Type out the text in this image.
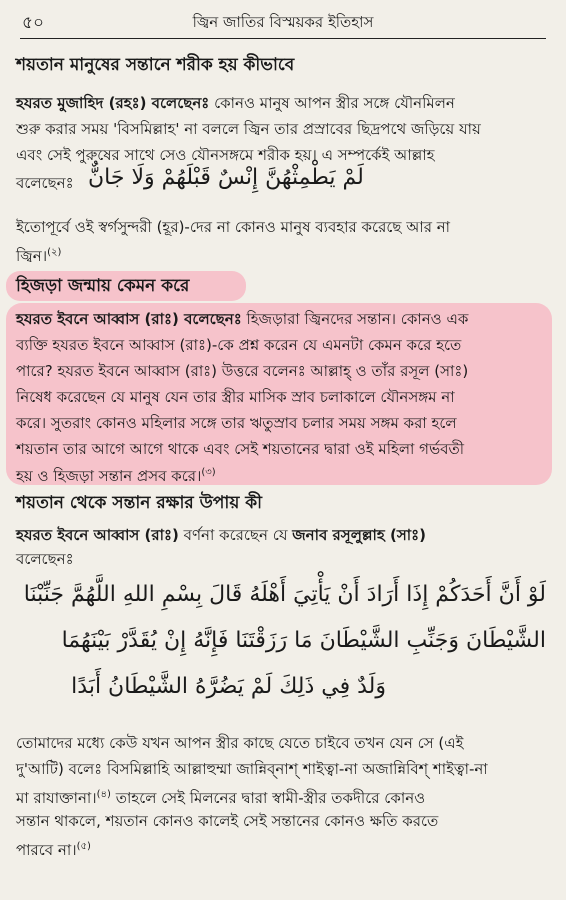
৫০	জ্বিন জাতির বিস্ময়কর ইতিহাস
শয়তান মানুষের সন্তানে শরীক হয় কীভাবে
হযরত মুজাহিদ (রহঃ) বলেছেনঃ কোনও মানুষ আপন স্ত্রীর সঙ্গে যৌনমিলন
শুরু করার সময় 'বিসমিল্লাহ' না বললে জ্বিন তার প্রস্রাবের ছিদ্রপথে জড়িয়ে যায়
এবং সেই পুরুষের সাথে সেও যৌনসঙ্গমে শরীক হয়। এ সম্পর্কেই আল্লাহ
বলেছেনঃ لَمْ يَطْمِثْهُنَّ إِنْسٌ قَبْلَهُمْ وَلَا جَانٌّ
ইতোপূর্বে ওই স্বর্গসুন্দরী (হূর)-দের না কোনও মানুষ ব্যবহার করেছে আর না
জ্বিন।$^{(২)}$
হিজড়া জন্মায় কেমন করে
হযরত ইবনে আব্বাস (রাঃ) বলেছেনঃ হিজড়ারা জ্বিনদের সন্তান। কোনও এক
ব্যক্তি হযরত ইবনে আব্বাস (রাঃ)-কে প্রশ্ন করেন যে এমনটা কেমন করে হতে
পারে? হযরত ইবনে আব্বাস (রাঃ) উত্তরে বলেনঃ আল্লাহ্ ও তাঁর রসূল (সাঃ)
নিষেধ করেছেন যে মানুষ যেন তার স্ত্রীর মাসিক স্রাব চলাকালে যৌনসঙ্গম না
করে। সুতরাং কোনও মহিলার সঙ্গে তার ঋতুস্রাব চলার সময় সঙ্গম করা হলে
শয়তান তার আগে আগে থাকে এবং সেই শয়তানের দ্বারা ওই মহিলা গর্ভবতী
হয় ও হিজড়া সন্তান প্রসব করে।$^{(৩)}$
শয়তান থেকে সন্তান রক্ষার উপায় কী
হযরত ইবনে আব্বাস (রাঃ) বর্ণনা করেছেন যে জনাব রসূলুল্লাহ (সাঃ)
বলেছেনঃ
لَوْ أَنَّ أَحَدَكُمْ إِذَا أَرَادَ أَنْ يَأْتِيَ أَهْلَهُ قَالَ بِسْمِ اللهِ اللَّهُمَّ جَنِّبْنَا
الشَّيْطَانَ وَجَنِّبِ الشَّيْطَانَ مَا رَزَقْتَنَا فَإِنَّهُ إِنْ يُقَدَّرْ بَيْنَهُمَا
وَلَدٌ فِي ذَلِكَ لَمْ يَضُرَّهُ الشَّيْطَانُ أَبَدًا
তোমাদের মধ্যে কেউ যখন আপন স্ত্রীর কাছে যেতে চাইবে তখন যেন সে (এই
দু'আটি) বলেঃ বিসমিল্লাহি আল্লাহুম্মা জান্নিব্নাশ্ শাইত্বা-না অজান্নিবিশ্ শাইত্বা-না
মা রাযাক্তানা।$^{(৪)}$ তাহলে সেই মিলনের দ্বারা স্বামী-স্ত্রীর তকদীরে কোনও
সন্তান থাকলে, শয়তান কোনও কালেই সেই সন্তানের কোনও ক্ষতি করতে
পারবে না।$^{(৫)}$
